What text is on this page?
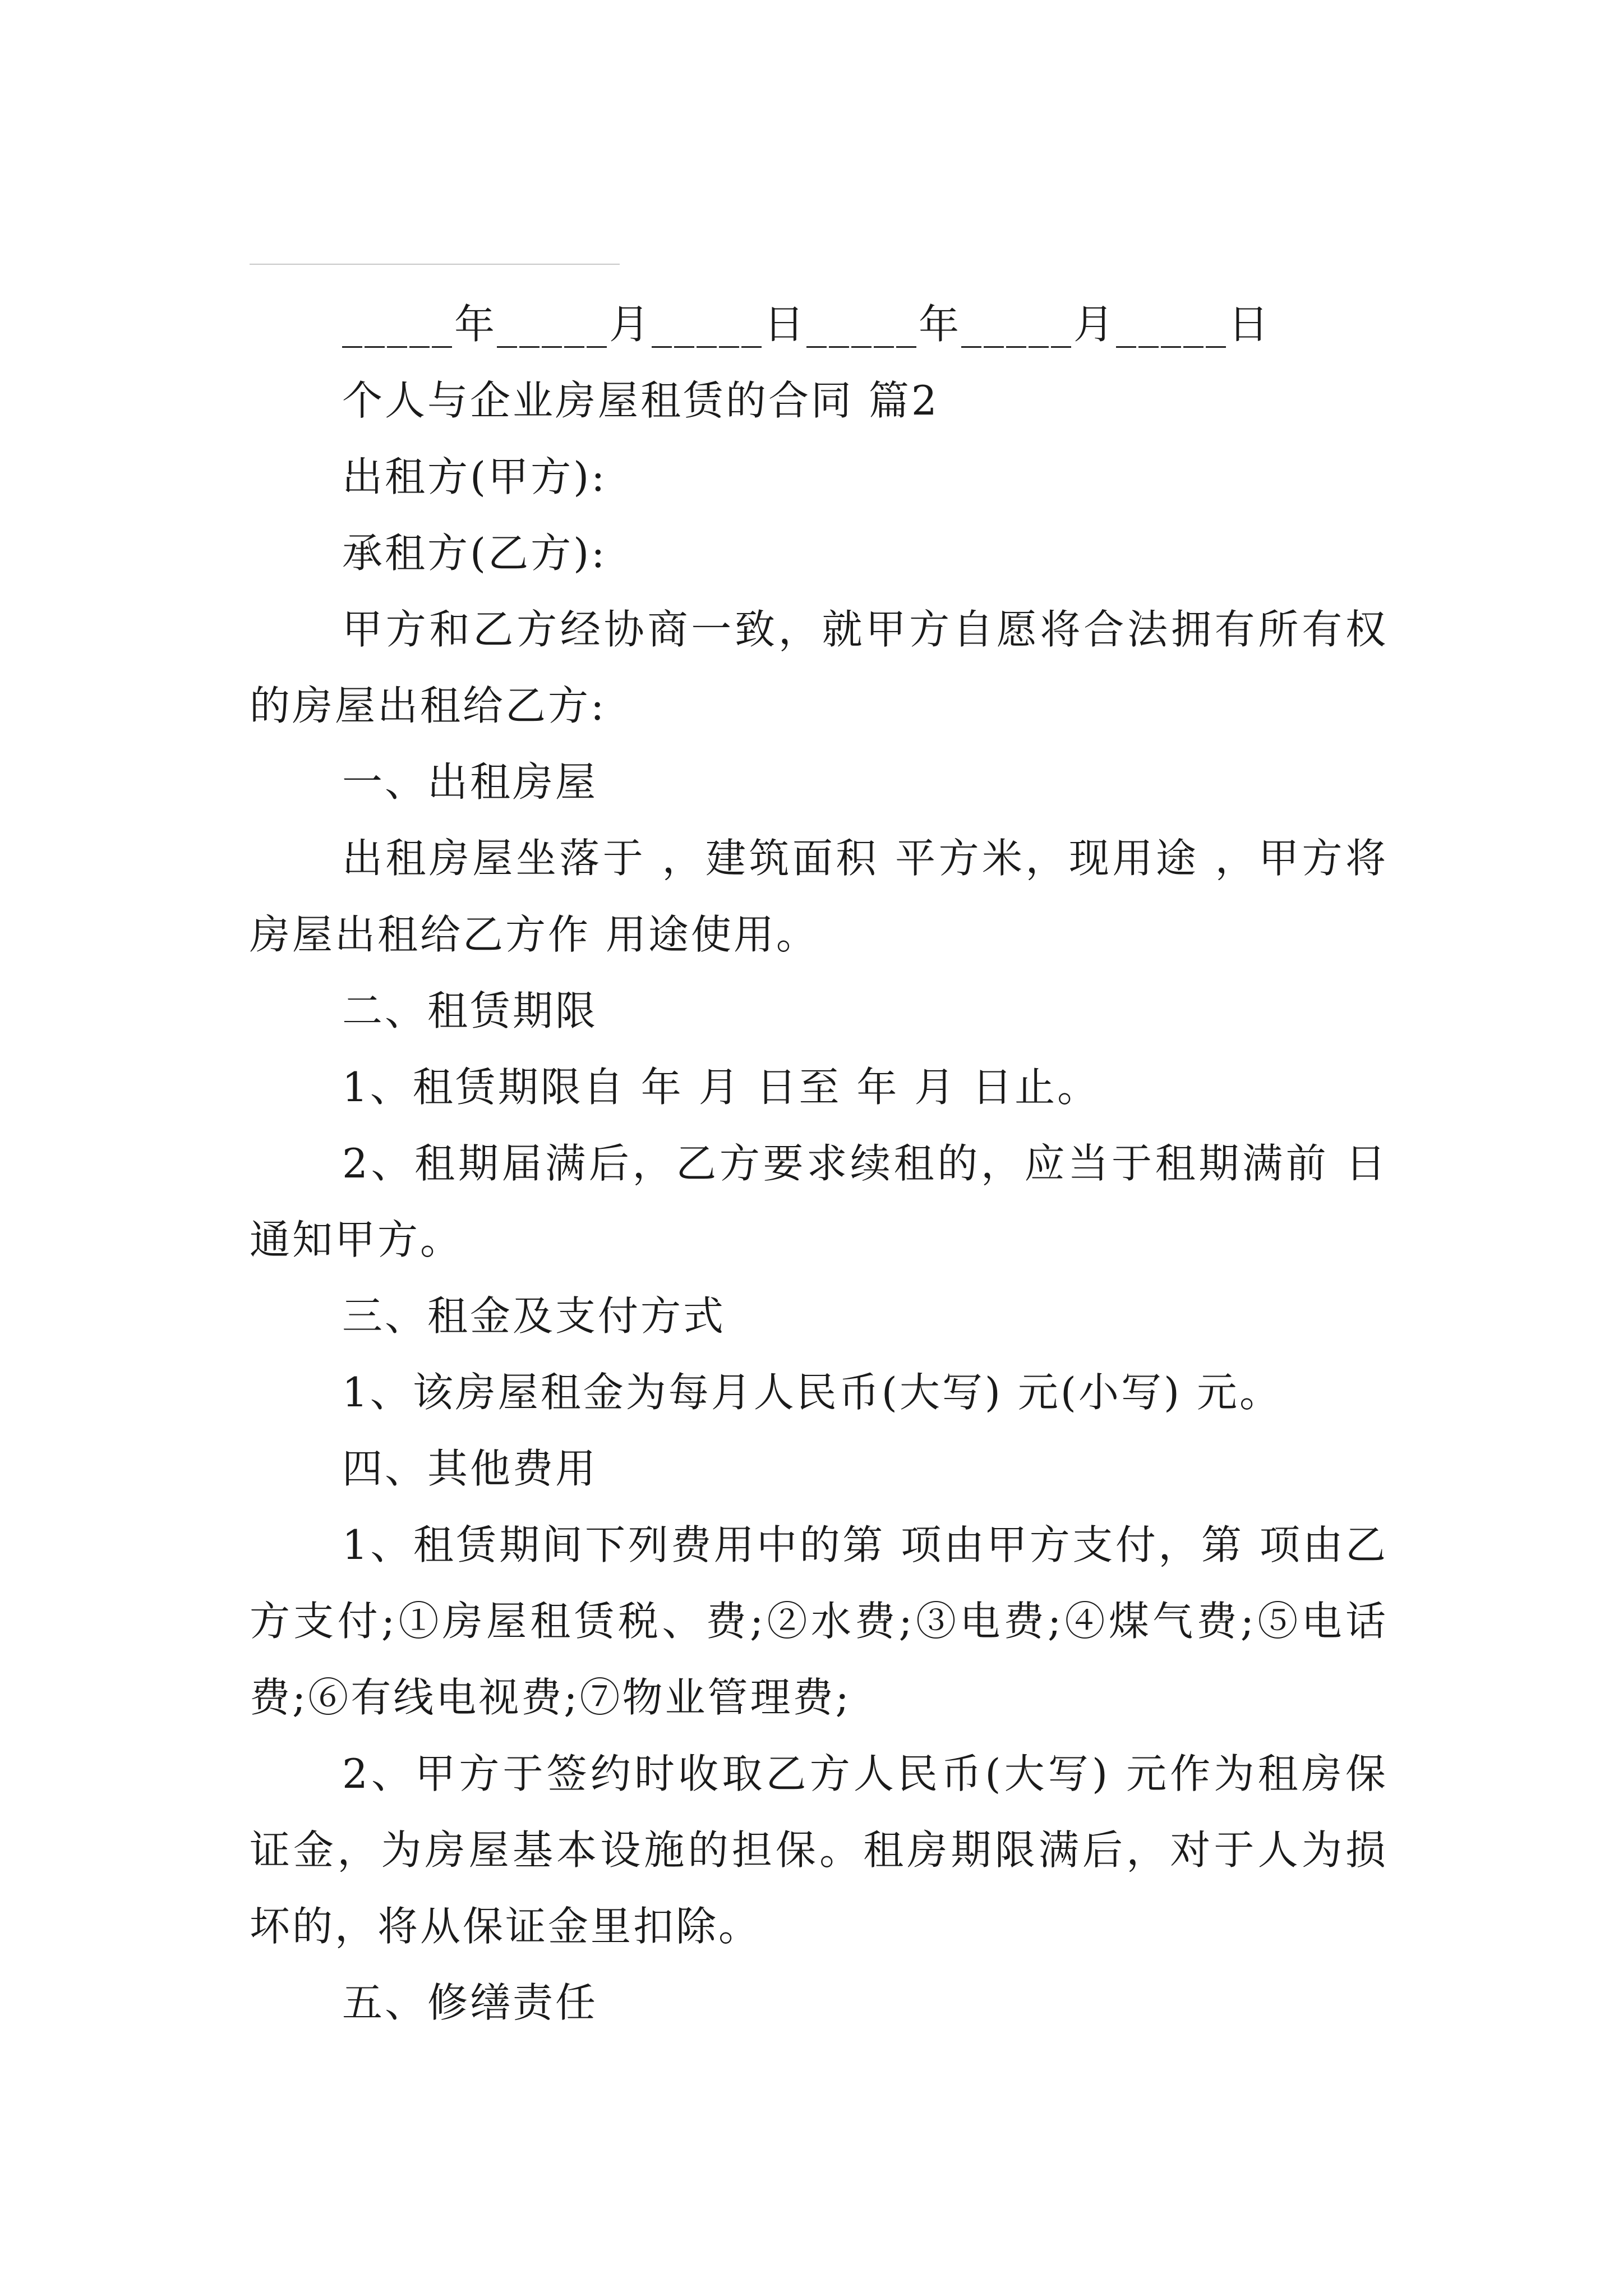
_____年_____月_____日_____年_____月_____日
个人与企业房屋租赁的合同 篇2
出租方(甲方):
承租方(乙方):
甲方和乙方经协商一致，就甲方自愿将合法拥有所有权的房屋出租给乙方:
一、出租房屋
出租房屋坐落于 ，建筑面积 平方米，现用途 ，甲方将房屋出租给乙方作 用途使用。
二、租赁期限
1、租赁期限自 年 月 日至 年 月 日止。
2、租期届满后，乙方要求续租的，应当于租期满前 日通知甲方。
三、租金及支付方式
1、该房屋租金为每月人民币(大写) 元(小写) 元。
四、其他费用
1、租赁期间下列费用中的第 项由甲方支付，第 项由乙方支付;①房屋租赁税、费;②水费;③电费;④煤气费;⑤电话费;⑥有线电视费;⑦物业管理费;
2、甲方于签约时收取乙方人民币(大写) 元作为租房保证金，为房屋基本设施的担保。租房期限满后，对于人为损坏的，将从保证金里扣除。
五、修缮责任
